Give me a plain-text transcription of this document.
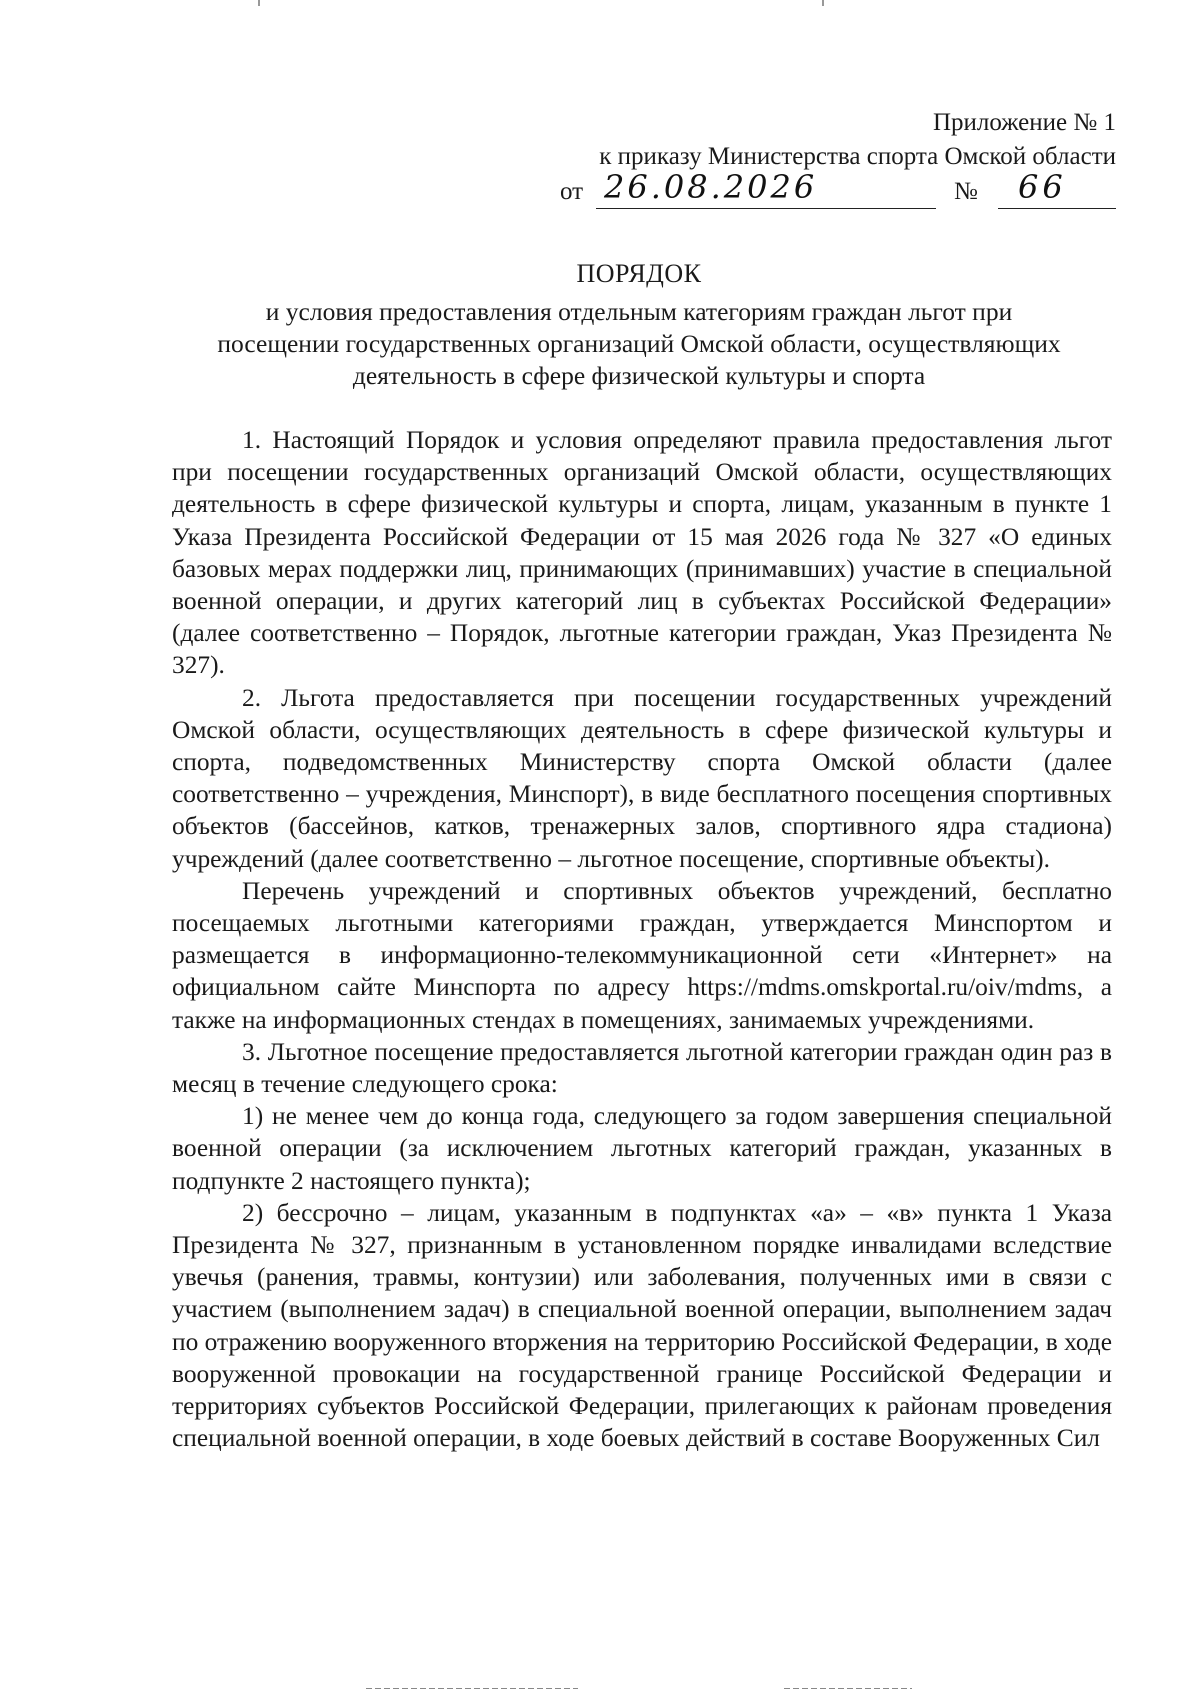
Приложение № 1
к приказу Министерства спорта Омской области
от 26.08.2026	№ 66
ПОРЯДОК
и условия предоставления отдельным категориям граждан льгот при
посещении государственных организаций Омской области, осуществляющих
деятельность в сфере физической культуры и спорта

1. Настоящий Порядок и условия определяют правила предоставления льгот при посещении государственных организаций Омской области, осуществляющих деятельность в сфере физической культуры и спорта, лицам, указанным в пункте 1 Указа Президента Российской Федерации от 15 мая 2026 года № 327 «О единых базовых мерах поддержки лиц, принимающих (принимавших) участие в специальной военной операции, и других категорий лиц в субъектах Российской Федерации» (далее соответственно – Порядок, льготные категории граждан, Указ Президента № 327).

2. Льгота предоставляется при посещении государственных учреждений Омской области, осуществляющих деятельность в сфере физической культуры и спорта, подведомственных Министерству спорта Омской области (далее соответственно – учреждения, Минспорт), в виде бесплатного посещения спортивных объектов (бассейнов, катков, тренажерных залов, спортивного ядра стадиона) учреждений (далее соответственно – льготное посещение, спортивные объекты).

Перечень учреждений и спортивных объектов учреждений, бесплатно посещаемых льготными категориями граждан, утверждается Минспортом и размещается в информационно-телекоммуникационной сети «Интернет» на официальном сайте Минспорта по адресу https://mdms.omskportal.ru/oiv/mdms, а также на информационных стендах в помещениях, занимаемых учреждениями.

3. Льготное посещение предоставляется льготной категории граждан один раз в месяц в течение следующего срока:

1) не менее чем до конца года, следующего за годом завершения специальной военной операции (за исключением льготных категорий граждан, указанных в подпункте 2 настоящего пункта);

2) бессрочно – лицам, указанным в подпунктах «а» – «в» пункта 1 Указа Президента № 327, признанным в установленном порядке инвалидами вследствие увечья (ранения, травмы, контузии) или заболевания, полученных ими в связи с участием (выполнением задач) в специальной военной операции, выполнением задач по отражению вооруженного вторжения на территорию Российской Федерации, в ходе вооруженной провокации на государственной границе Российской Федерации и территориях субъектов Российской Федерации, прилегающих к районам проведения специальной военной операции, в ходе боевых действий в составе Вооруженных Сил
